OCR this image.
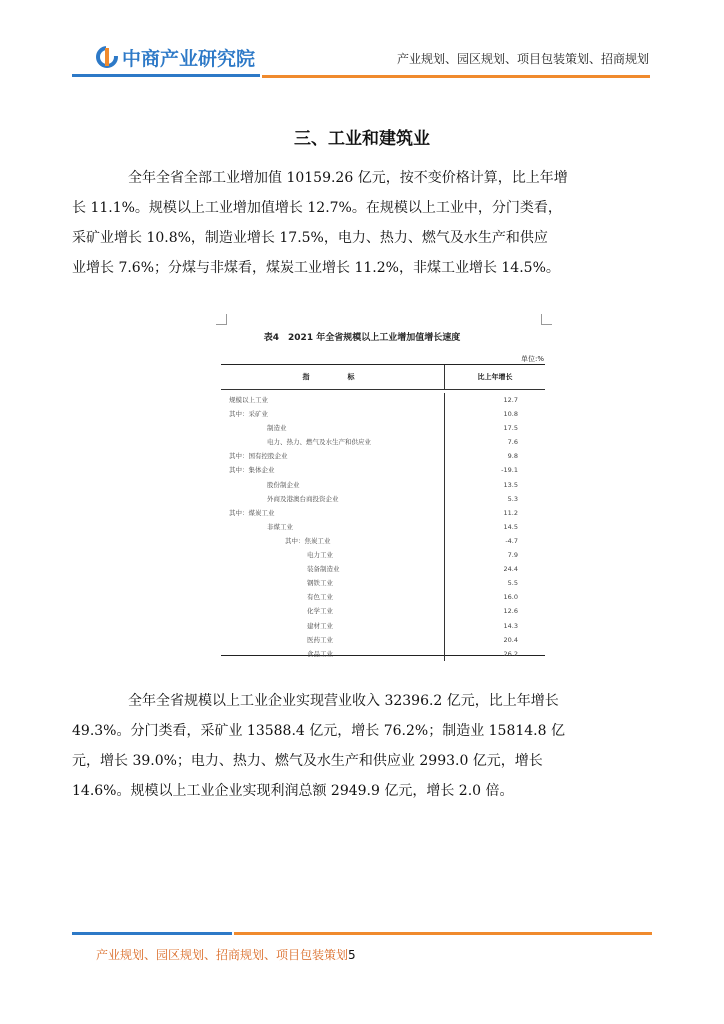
中商产业研究院	产业规划、园区规划、项目包装策划、招商规划
三、工业和建筑业
全年全省全部工业增加值 10159.26 亿元，按不变价格计算，比上年增
长 11.1%。规模以上工业增加值增长 12.7%。在规模以上工业中，分门类看，
采矿业增长 10.8%，制造业增长 17.5%，电力、热力、燃气及水生产和供应
业增长 7.6%；分煤与非煤看，煤炭工业增长 11.2%，非煤工业增长 14.5%。
表4　2021 年全省规模以上工业增加值增长速度
单位:%
指　　标	比上年增长
规模以上工业	12.7
其中：采矿业	10.8
制造业	17.5
电力、热力、燃气及水生产和供应业	7.6
其中：国有控股企业	9.8
其中：集体企业	-19.1
股份制企业	13.5
外商及港澳台商投资企业	5.3
其中：煤炭工业	11.2
非煤工业	14.5
其中：焦炭工业	-4.7
电力工业	7.9
装备制造业	24.4
钢铁工业	5.5
有色工业	16.0
化学工业	12.6
建材工业	14.3
医药工业	20.4
食品工业	26.2
全年全省规模以上工业企业实现营业收入 32396.2 亿元，比上年增长
49.3%。分门类看，采矿业 13588.4 亿元，增长 76.2%；制造业 15814.8 亿
元，增长 39.0%；电力、热力、燃气及水生产和供应业 2993.0 亿元，增长
14.6%。规模以上工业企业实现利润总额 2949.9 亿元，增长 2.0 倍。
产业规划、园区规划、招商规划、项目包装策划5
